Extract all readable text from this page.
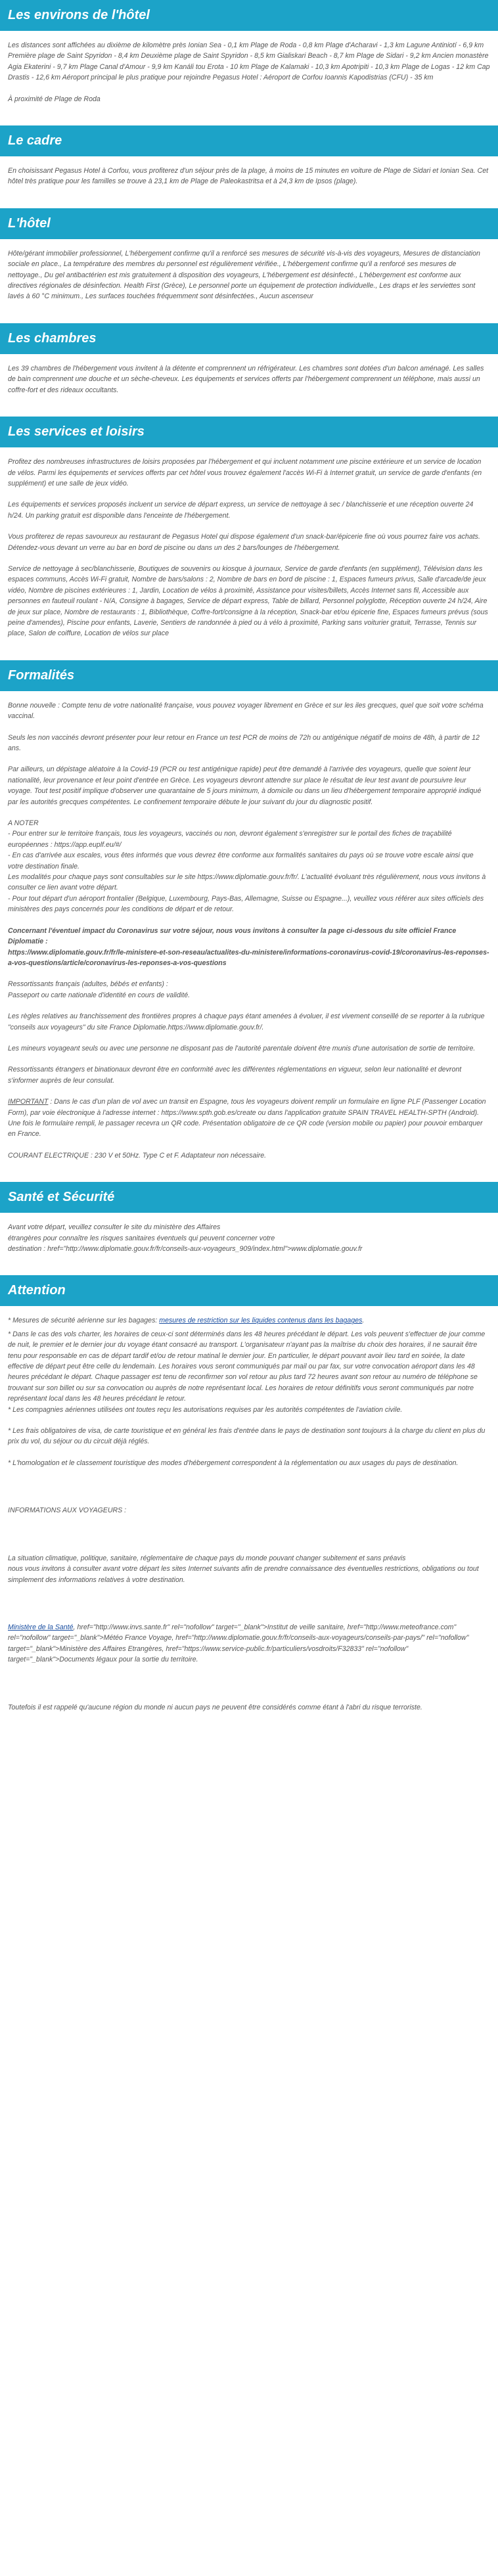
Les environs de l'hôtel

Les distances sont affichées au dixième de kilomètre près Ionian Sea - 0,1 km Plage de Roda - 0,8 km Plage d'Acharavi - 1,3 km Lagune Antiniotí - 6,9 km Première plage de Saint Spyridon - 8,4 km Deuxième plage de Saint Spyridon - 8,5 km Gialiskari Beach - 8,7 km Plage de Sidari - 9,2 km Ancien monastère Agia Ekaterini - 9,7 km Plage Canal d'Amour - 9,9 km Kanáli tou Erota - 10 km Plage de Kalamaki - 10,3 km Apotripiti - 10,3 km Plage de Logas - 12 km Cap Drastis - 12,6 km Aéroport principal le plus pratique pour rejoindre Pegasus Hotel : Aéroport de Corfou Ioannis Kapodistrias (CFU) - 35 km

À proximité de Plage de Roda

Le cadre

En choisissant Pegasus Hotel à Corfou, vous profiterez d'un séjour près de la plage, à moins de 15 minutes en voiture de Plage de Sidari et Ionian Sea. Cet hôtel très pratique pour les familles se trouve à 23,1 km de Plage de Paleokastritsa et à 24,3 km de Ipsos (plage).

L'hôtel

Hôte/gérant immobilier professionnel, L'hébergement confirme qu'il a renforcé ses mesures de sécurité vis-à-vis des voyageurs, Mesures de distanciation sociale en place., La température des membres du personnel est régulièrement vérifiée., L'hébergement confirme qu'il a renforcé ses mesures de nettoyage., Du gel antibactérien est mis gratuitement à disposition des voyageurs, L'hébergement est désinfecté., L'hébergement est conforme aux directives régionales de désinfection. Health First (Grèce), Le personnel porte un équipement de protection individuelle., Les draps et les serviettes sont lavés à 60 °C minimum., Les surfaces touchées fréquemment sont désinfectées., Aucun ascenseur

Les chambres

Les 39 chambres de l'hébergement vous invitent à la détente et comprennent un réfrigérateur. Les chambres sont dotées d'un balcon aménagé. Les salles de bain comprennent une douche et un sèche-cheveux. Les équipements et services offerts par l'hébergement comprennent un téléphone, mais aussi un coffre-fort et des rideaux occultants.

Les services et loisirs

Profitez des nombreuses infrastructures de loisirs proposées par l'hébergement et qui incluent notamment une piscine extérieure et un service de location de vélos. Parmi les équipements et services offerts par cet hôtel vous trouvez également l'accès Wi-Fi à Internet gratuit, un service de garde d'enfants (en supplément) et une salle de jeux vidéo.

Les équipements et services proposés incluent un service de départ express, un service de nettoyage à sec / blanchisserie et une réception ouverte 24 h/24. Un parking gratuit est disponible dans l'enceinte de l'hébergement.

Vous profiterez de repas savoureux au restaurant de Pegasus Hotel qui dispose également d'un snack-bar/épicerie fine où vous pourrez faire vos achats. Détendez-vous devant un verre au bar en bord de piscine ou dans un des 2 bars/lounges de l'hébergement.

Service de nettoyage à sec/blanchisserie, Boutiques de souvenirs ou kiosque à journaux, Service de garde d'enfants (en supplément), Télévision dans les espaces communs, Accès Wi-Fi gratuit, Nombre de bars/salons : 2, Nombre de bars en bord de piscine : 1, Espaces fumeurs privus, Salle d'arcade/de jeux vidéo, Nombre de piscines extérieures : 1, Jardin, Location de vélos à proximité, Assistance pour visites/billets, Accès Internet sans fil, Accessible aux personnes en fauteuil roulant - N/A, Consigne à bagages, Service de départ express, Table de billard, Personnel polyglotte, Réception ouverte 24 h/24, Aire de jeux sur place, Nombre de restaurants : 1, Bibliothèque, Coffre-fort/consigne à la réception, Snack-bar et/ou épicerie fine, Espaces fumeurs prévus (sous peine d'amendes), Piscine pour enfants, Laverie, Sentiers de randonnée à pied ou à vélo à proximité, Parking sans voiturier gratuit, Terrasse, Tennis sur place, Salon de coiffure, Location de vélos sur place

Formalités

Bonne nouvelle : Compte tenu de votre nationalité française, vous pouvez voyager librement en Grèce et sur les iles grecques, quel que soit votre schéma vaccinal.

Seuls les non vaccinés devront présenter pour leur retour en France un test PCR de moins de 72h ou antigénique négatif de moins de 48h, à partir de 12 ans.

Par ailleurs, un dépistage aléatoire à la Covid-19 (PCR ou test antigénique rapide) peut être demandé à l'arrivée des voyageurs, quelle que soient leur nationalité, leur provenance et leur point d'entrée en Grèce. Les voyageurs devront attendre sur place le résultat de leur test avant de poursuivre leur voyage. Tout test positif implique d'observer une quarantaine de 5 jours minimum, à domicile ou dans un lieu d'hébergement temporaire approprié indiqué par les autorités grecques compétentes. Le confinement temporaire débute le jour suivant du jour du diagnostic positif.

A NOTER
- Pour entrer sur le territoire français, tous les voyageurs, vaccinés ou non, devront également s'enregistrer sur le portail des fiches de traçabilité européennes : https://app.euplf.eu/#/
- En cas d'arrivée aux escales, vous êtes informés que vous devrez être conforme aux formalités sanitaires du pays où se trouve votre escale ainsi que votre destination finale.
Les modalités pour chaque pays sont consultables sur le site https://www.diplomatie.gouv.fr/fr/. L'actualité évoluant très régulièrement, nous vous invitons à consulter ce lien avant votre départ.
- Pour tout départ d'un aéroport frontalier (Belgique, Luxembourg, Pays-Bas, Allemagne, Suisse ou Espagne...), veuillez vous référer aux sites officiels des ministères des pays concernés pour les conditions de départ et de retour.

Concernant l'éventuel impact du Coronavirus sur votre séjour, nous vous invitons à consulter la page ci-dessous du site officiel France Diplomatie :
https://www.diplomatie.gouv.fr/fr/le-ministere-et-son-reseau/actualites-du-ministere/informations-coronavirus-covid-19/coronavirus-les-reponses-a-vos-questions/article/coronavirus-les-reponses-a-vos-questions

Ressortissants français (adultes, bébés et enfants) :
Passeport ou carte nationale d'identité en cours de validité.

Les règles relatives au franchissement des frontières propres à chaque pays étant amenées à évoluer, il est vivement conseillé de se reporter à la rubrique "conseils aux voyageurs" du site France Diplomatie.https://www.diplomatie.gouv.fr/.

Les mineurs voyageant seuls ou avec une personne ne disposant pas de l'autorité parentale doivent être munis d'une autorisation de sortie de territoire.

Ressortissants étrangers et binationaux devront être en conformité avec les différentes réglementations en vigueur, selon leur nationalité et devront s'informer auprès de leur consulat.

IMPORTANT : Dans le cas d'un plan de vol avec un transit en Espagne, tous les voyageurs doivent remplir un formulaire en ligne PLF (Passenger Location Form), par voie électronique à l'adresse internet : https://www.spth.gob.es/create ou dans l'application gratuite SPAIN TRAVEL HEALTH-SPTH (Android). Une fois le formulaire rempli, le passager recevra un QR code. Présentation obligatoire de ce QR code (version mobile ou papier) pour pouvoir embarquer en France.

COURANT ELECTRIQUE : 230 V et 50Hz. Type C et F. Adaptateur non nécessaire.

Santé et Sécurité

Avant votre départ, veuillez consulter le site du ministère des Affaires
étrangères pour connaître les risques sanitaires éventuels qui peuvent concerner votre
destination : href="http://www.diplomatie.gouv.fr/fr/conseils-aux-voyageurs_909/index.html">www.diplomatie.gouv.fr

Attention

* Mesures de sécurité aérienne sur les bagages: mesures de restriction sur les liquides contenus dans les bagages.

* Dans le cas des vols charter, les horaires de ceux-ci sont déterminés dans les 48 heures précédant le départ. Les vols peuvent s'effectuer de jour comme de nuit, le premier et le dernier jour du voyage étant consacré au transport. L'organisateur n'ayant pas la maîtrise du choix des horaires, il ne saurait être tenu pour responsable en cas de départ tardif et/ou de retour matinal le dernier jour. En particulier, le départ pouvant avoir lieu tard en soirée, la date effective de départ peut être celle du lendemain. Les horaires vous seront communiqués par mail ou par fax, sur votre convocation aéroport dans les 48 heures précédant le départ. Chaque passager est tenu de reconfirmer son vol retour au plus tard 72 heures avant son retour au numéro de téléphone se trouvant sur son billet ou sur sa convocation ou auprès de notre représentant local. Les horaires de retour définitifs vous seront communiqués par notre représentant local dans les 48 heures précédant le retour.
* Les compagnies aériennes utilisées ont toutes reçu les autorisations requises par les autorités compétentes de l'aviation civile.

* Les frais obligatoires de visa, de carte touristique et en général les frais d'entrée dans le pays de destination sont toujours à la charge du client en plus du prix du vol, du séjour ou du circuit déjà réglés.

* L'homologation et le classement touristique des modes d'hébergement correspondent à la réglementation ou aux usages du pays de destination.

INFORMATIONS AUX VOYAGEURS :

La situation climatique, politique, sanitaire, réglementaire de chaque pays du monde pouvant changer subitement et sans préavis
nous vous invitons à consulter avant votre départ les sites Internet suivants afin de prendre connaissance des éventuelles restrictions, obligations ou tout simplement des informations relatives à votre destination.

Ministère de la Santé, href="http://www.invs.sante.fr" rel="nofollow" target="_blank">Institut de veille sanitaire, href="http://www.meteofrance.com" rel="nofollow" target="_blank">Météo France Voyage, href="http://www.diplomatie.gouv.fr/fr/conseils-aux-voyageurs/conseils-par-pays/" rel="nofollow" target="_blank">Ministère des Affaires Etrangères, href="https://www.service-public.fr/particuliers/vosdroits/F32833" rel="nofollow" target="_blank">Documents légaux pour la sortie du territoire.

Toutefois il est rappelé qu'aucune région du monde ni aucun pays ne peuvent être considérés comme étant à l'abri du risque terroriste.
